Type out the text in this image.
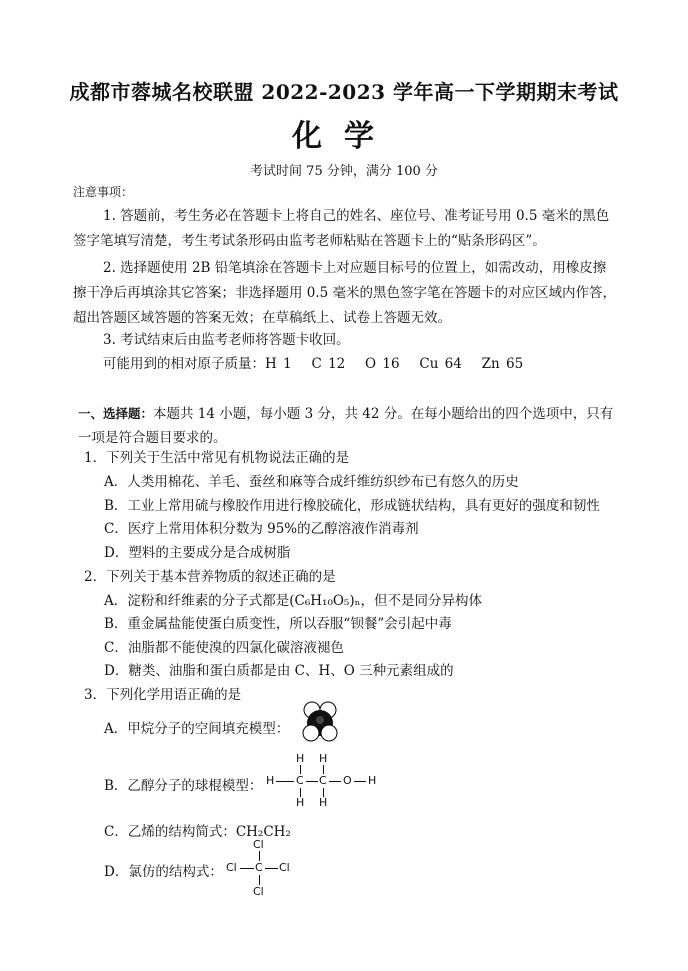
成都市蓉城名校联盟 2022-2023 学年高一下学期期末考试
化学
考试时间 75 分钟，满分 100 分
注意事项：
1. 答题前，考生务必在答题卡上将自己的姓名、座位号、准考证号用 0.5 毫米的黑色签字笔填写清楚，考生考试条形码由监考老师粘贴在答题卡上的“贴条形码区”。
2. 选择题使用 2B 铅笔填涂在答题卡上对应题目标号的位置上，如需改动，用橡皮擦擦干净后再填涂其它答案；非选择题用 0.5 毫米的黑色签字笔在答题卡的对应区域内作答，超出答题区域答题的答案无效；在草稿纸上、试卷上答题无效。
3. 考试结束后由监考老师将答题卡收回。
可能用到的相对原子质量：H 1　 C 12　 O 16　 Cu 64　 Zn 65
一、选择题：本题共 14 小题，每小题 3 分，共 42 分。在每小题给出的四个选项中，只有一项是符合题目要求的。
1．下列关于生活中常见有机物说法正确的是
A．人类用棉花、羊毛、蚕丝和麻等合成纤维纺织纱布已有悠久的历史
B．工业上常用硫与橡胶作用进行橡胶硫化，形成链状结构，具有更好的强度和韧性
C．医疗上常用体积分数为 95%的乙醇溶液作消毒剂
D．塑料的主要成分是合成树脂
2．下列关于基本营养物质的叙述正确的是
A．淀粉和纤维素的分子式都是(C₆H₁₀O₅)ₙ，但不是同分异构体
B．重金属盐能使蛋白质变性，所以吞服“钡餐”会引起中毒
C．油脂都不能使溴的四氯化碳溶液褪色
D．糖类、油脂和蛋白质都是由 C、H、O 三种元素组成的
3．下列化学用语正确的是
A．甲烷分子的空间填充模型：
B．乙醇分子的球棍模型：
H H
H C C O H
H H
C．乙烯的结构简式：CH₂CH₂
D．氯仿的结构式：
Cl
Cl C Cl
Cl
